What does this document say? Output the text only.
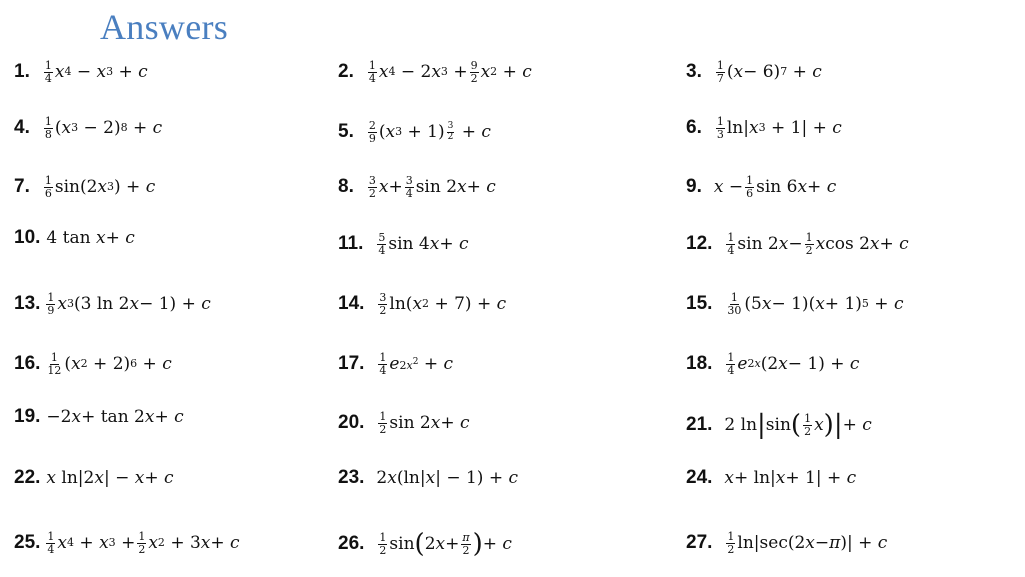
Answers
1. $\frac{1}{4}$ x 4 − x 3 + c	2. $\frac{1}{4}$ x 4 − 2 x $3 + \frac{9}{2}$ x 2 + c	3. $\frac{1}{7}$ ( x − 6) 7 + c
4. $\frac{1}{8}$ ( x 3 − 2) 8 + c	5. $\frac{2}{9}$ ( x $3 + 1) \frac{3}{2} + c$	6. $\frac{1}{3} \ln|$ x 3 + 1| + c
7. $\frac{1}{6} \sin(2$ x 3 ) + c	8. $\frac{3}{2}$ $x + \frac{3}{4}$ sin 2 x + c	9. $x - \frac{1}{6}$ sin 6 x + c
10. 4 tan x + c	11. $\frac{5}{4}$ sin 4 x + c	12. $\frac{1}{4}$ sin 2 $x - \frac{1}{2}$ x cos 2 x + c
13. $\frac{1}{9}$ x 3 (3 ln 2 x − 1) + c	14. $\frac{3}{2} \ln$( x 2 + 7) + c	15. $\frac{1}{30} (5$ x − 1)( x + 1) 5 + c
16. $\frac{1}{12}$ ( x 2 + 2) 6 + c	17. $\frac{1}{4}$ e $2x^2 + c$	18. $\frac{1}{4}$ e 2x (2 x − 1) + c
19. −2 x + tan 2 x + c	20. $\frac{1}{2}$ sin 2 x + c	21. 2 ln | sin ( $\frac{1}{2}$ x ) | + c
22. x ln|2 x | − x + c	23. 2 x (ln| x | − 1) + c	24. x + ln| x + 1| + c
25. $\frac{1}{4}$ x 4 + x $3 + \frac{1}{2}$ x 2 + 3 x + c	26. $\frac{1}{2}$ sin ( 2 $x + \frac{\pi}{2}$ ) + c	27. $\frac{1}{2} \ln|\sec(2$ x − π )| + c
